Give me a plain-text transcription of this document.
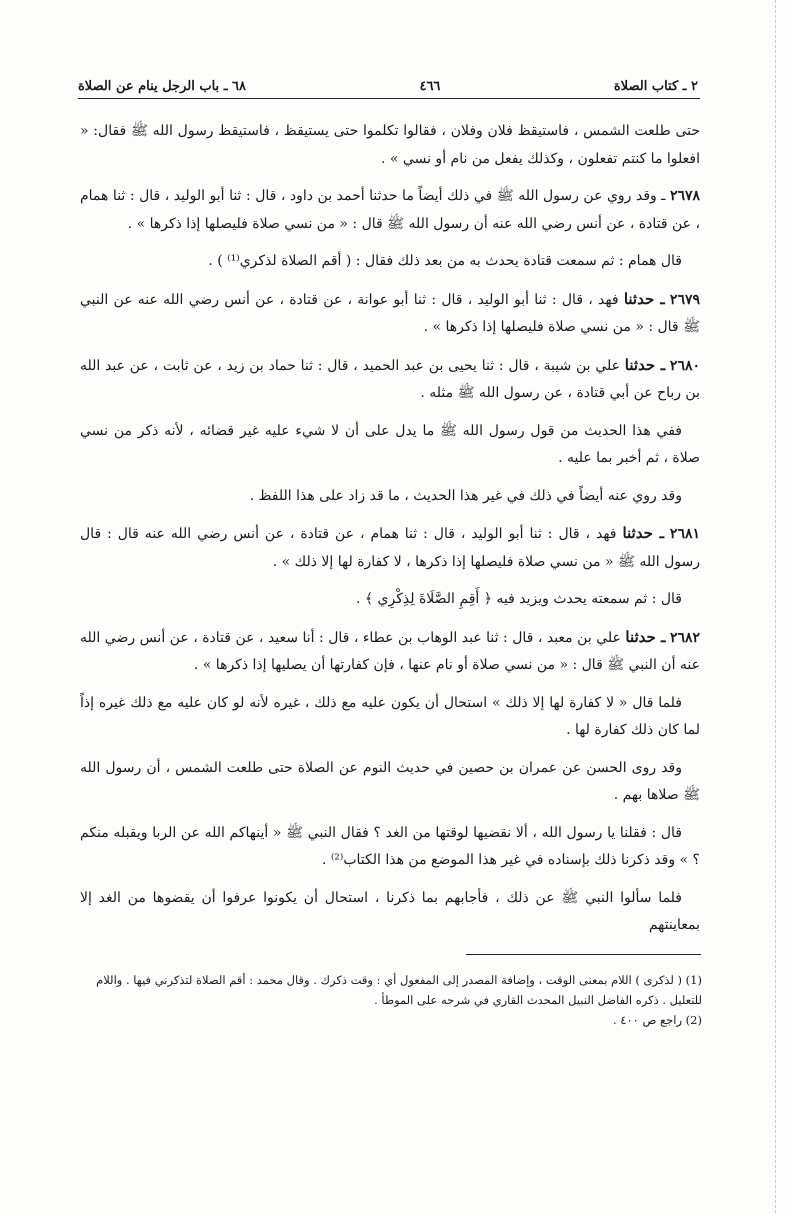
٢ ـ كتاب الصلاة
٤٦٦
٦٨ ـ باب الرجل ينام عن الصلاة

حتى طلعت الشمس ، فاستيقظ فلان وفلان ، فقالوا تكلموا حتى يستيقظ ، فاستيقظ رسول الله ﷺ فقال: « افعلوا ما كنتم تفعلون ، وكذلك يفعل من نام أو نسي » .

٢٦٧٨ ـ وقد روي عن رسول الله ﷺ في ذلك أيضاً ما حدثنا أحمد بن داود ، قال : ثنا أبو الوليد ، قال : ثنا همام ، عن قتادة ، عن أنس رضي الله عنه أن رسول الله ﷺ قال : « من نسي صلاة فليصلها إذا ذكرها » .

قال همام : ثم سمعت قتادة يحدث به من بعد ذلك فقال : ( أقم الصلاة لذكري⁽¹⁾ ) .

٢٦٧٩ ـ حدثنا فهد ، قال : ثنا أبو الوليد ، قال : ثنا أبو عوانة ، عن قتادة ، عن أنس رضي الله عنه عن النبي ﷺ قال : « من نسي صلاة فليصلها إذا ذكرها » .

٢٦٨٠ ـ حدثنا علي بن شيبة ، قال : ثنا يحيى بن عبد الحميد ، قال : ثنا حماد بن زيد ، عن ثابت ، عن عبد الله بن رباح عن أبي قتادة ، عن رسول الله ﷺ مثله .

ففي هذا الحديث من قول رسول الله ﷺ ما يدل على أن لا شيء عليه غير قضائه ، لأنه ذكر من نسي صلاة ، ثم أخبر بما عليه .

وقد روي عنه أيضاً في ذلك في غير هذا الحديث ، ما قد زاد على هذا اللفظ .

٢٦٨١ ـ حدثنا فهد ، قال : ثنا أبو الوليد ، قال : ثنا همام ، عن قتادة ، عن أنس رضي الله عنه قال : قال رسول الله ﷺ « من نسي صلاة فليصلها إذا ذكرها ، لا كفارة لها إلا ذلك » .

قال : ثم سمعته يحدث ويزيد فيه ﴿ أَقِمِ الصَّلَاةَ لِذِكْرِي ﴾ .

٢٦٨٢ ـ حدثنا علي بن معبد ، قال : ثنا عبد الوهاب بن عطاء ، قال : أنا سعيد ، عن قتادة ، عن أنس رضي الله عنه أن النبي ﷺ قال : « من نسي صلاة أو نام عنها ، فإن كفارتها أن يصليها إذا ذكرها » .

فلما قال « لا كفارة لها إلا ذلك » استحال أن يكون عليه مع ذلك ، غيره لأنه لو كان عليه مع ذلك غيره إذاً لما كان ذلك كفارة لها .

وقد روى الحسن عن عمران بن حصين في حديث النوم عن الصلاة حتى طلعت الشمس ، أن رسول الله ﷺ صلاها بهم .

قال : فقلنا يا رسول الله ، ألا نقضيها لوقتها من الغد ؟ فقال النبي ﷺ « أينهاكم الله عن الربا ويقبله منكم ؟ » وقد ذكرنا ذلك بإسناده في غير هذا الموضع من هذا الكتاب⁽²⁾ .

فلما سألوا النبي ﷺ عن ذلك ، فأجابهم بما ذكرنا ، استحال أن يكونوا عرفوا أن يقضوها من الغد إلا بمعاينتهم

(1) ( لذكرى ) اللام بمعنى الوقت ، وإضافة المصدر إلى المفعول أي : وقت ذكرك . وقال محمد : أقم الصلاة لتذكرني فيها . واللام للتعليل . ذكره الفاضل النبيل المحدث القاري في شرحه على الموطأ .

(2) راجع ص ٤٠٠ .
